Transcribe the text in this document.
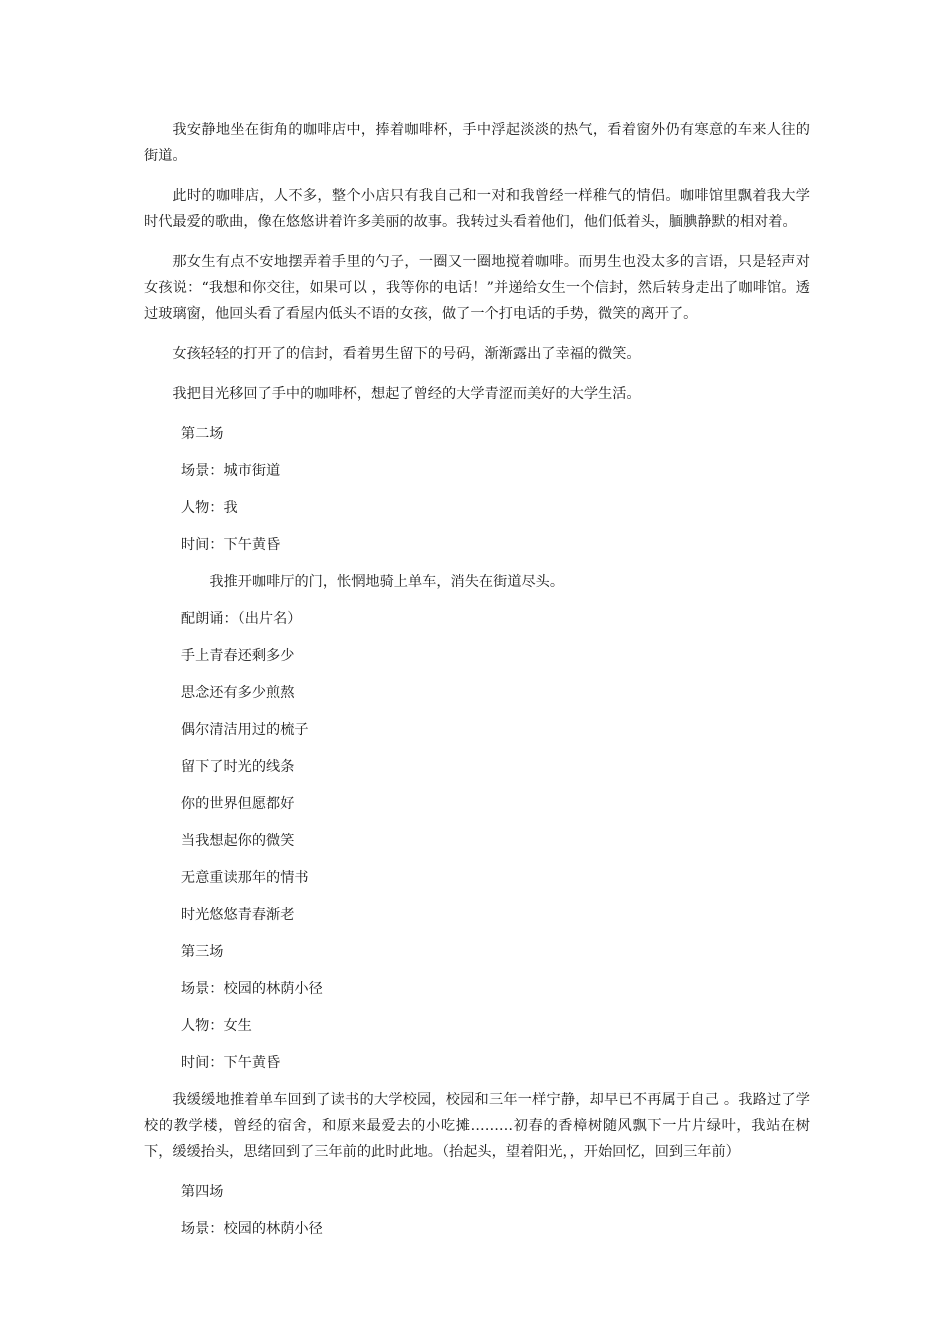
我安静地坐在街角的咖啡店中，捧着咖啡杯，手中浮起淡淡的热气，看着窗外仍有寒意的车来人往的街道。

此时的咖啡店，人不多，整个小店只有我自己和一对和我曾经一样稚气的情侣。咖啡馆里飘着我大学时代最爱的歌曲，像在悠悠讲着许多美丽的故事。我转过头看着他们，他们低着头，腼腆静默的相对着。

那女生有点不安地摆弄着手里的勺子，一圈又一圈地搅着咖啡。而男生也没太多的言语，只是轻声对女孩说：“我想和你交往，如果可以 ，我等你的电话！”并递给女生一个信封，然后转身走出了咖啡馆。透过玻璃窗，他回头看了看屋内低头不语的女孩，做了一个打电话的手势，微笑的离开了。

女孩轻轻的打开了的信封，看着男生留下的号码，渐渐露出了幸福的微笑。

我把目光移回了手中的咖啡杯，想起了曾经的大学青涩而美好的大学生活。

第二场
场景：城市街道
人物：我
时间：下午黄昏
我推开咖啡厅的门，怅惘地骑上单车，消失在街道尽头。
配朗诵：（出片名）
手上青春还剩多少
思念还有多少煎熬
偶尔清洁用过的梳子
留下了时光的线条
你的世界但愿都好
当我想起你的微笑
无意重读那年的情书
时光悠悠青春渐老
第三场
场景：校园的林荫小径
人物：女生
时间：下午黄昏

我缓缓地推着单车回到了读书的大学校园，校园和三年一样宁静，却早已不再属于自己 。我路过了学校的教学楼，曾经的宿舍，和原来最爱去的小吃摊………初春的香樟树随风飘下一片片绿叶，我站在树下，缓缓抬头，思绪回到了三年前的此时此地。（抬起头，望着阳光，，开始回忆，回到三年前）

第四场
场景：校园的林荫小径
